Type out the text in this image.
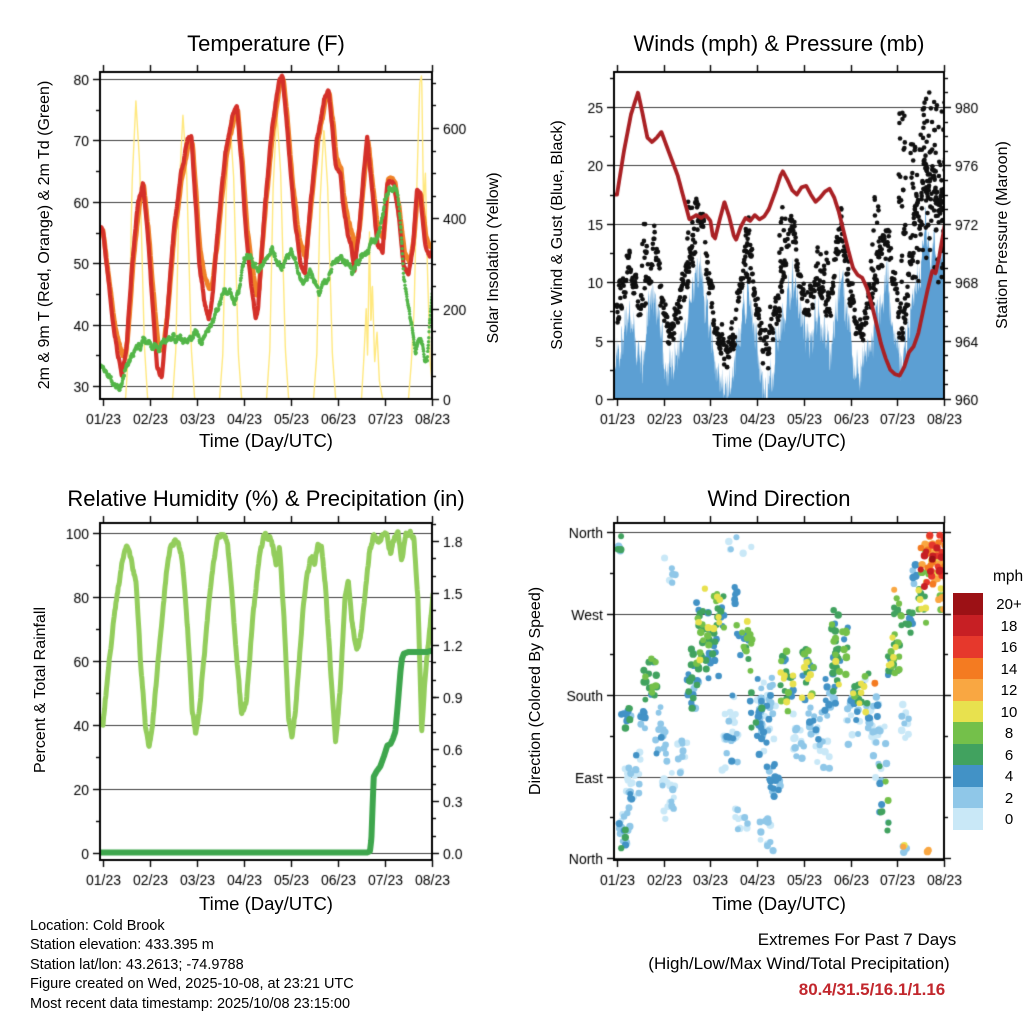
Temperature (F)	Winds (mph) & Pressure (mb)
Relative Humidity (%) & Precipitation (in)	Wind Direction
Time (Day/UTC)	Time (Day/UTC)
Time (Day/UTC)	Time (Day/UTC)
2m & 9m T (Red, Orange) & 2m Td (Green)	Solar Insolation (Yellow)	Sonic Wind & Gust (Blue, Black)	Station Pressure (Maroon)
Percent & Total Rainfall	Direction (Colored By Speed)
mph
20+
18
16
14
12
10
8
6
4
2
0
Location: Cold Brook
Station elevation: 433.395 m
Station lat/lon: 43.2613; -74.9788
Figure created on Wed, 2025-10-08, at 23:21 UTC
Most recent data timestamp: 2025/10/08 23:15:00
Extremes For Past 7 Days
(High/Low/Max Wind/Total Precipitation)
80.4/31.5/16.1/1.16
